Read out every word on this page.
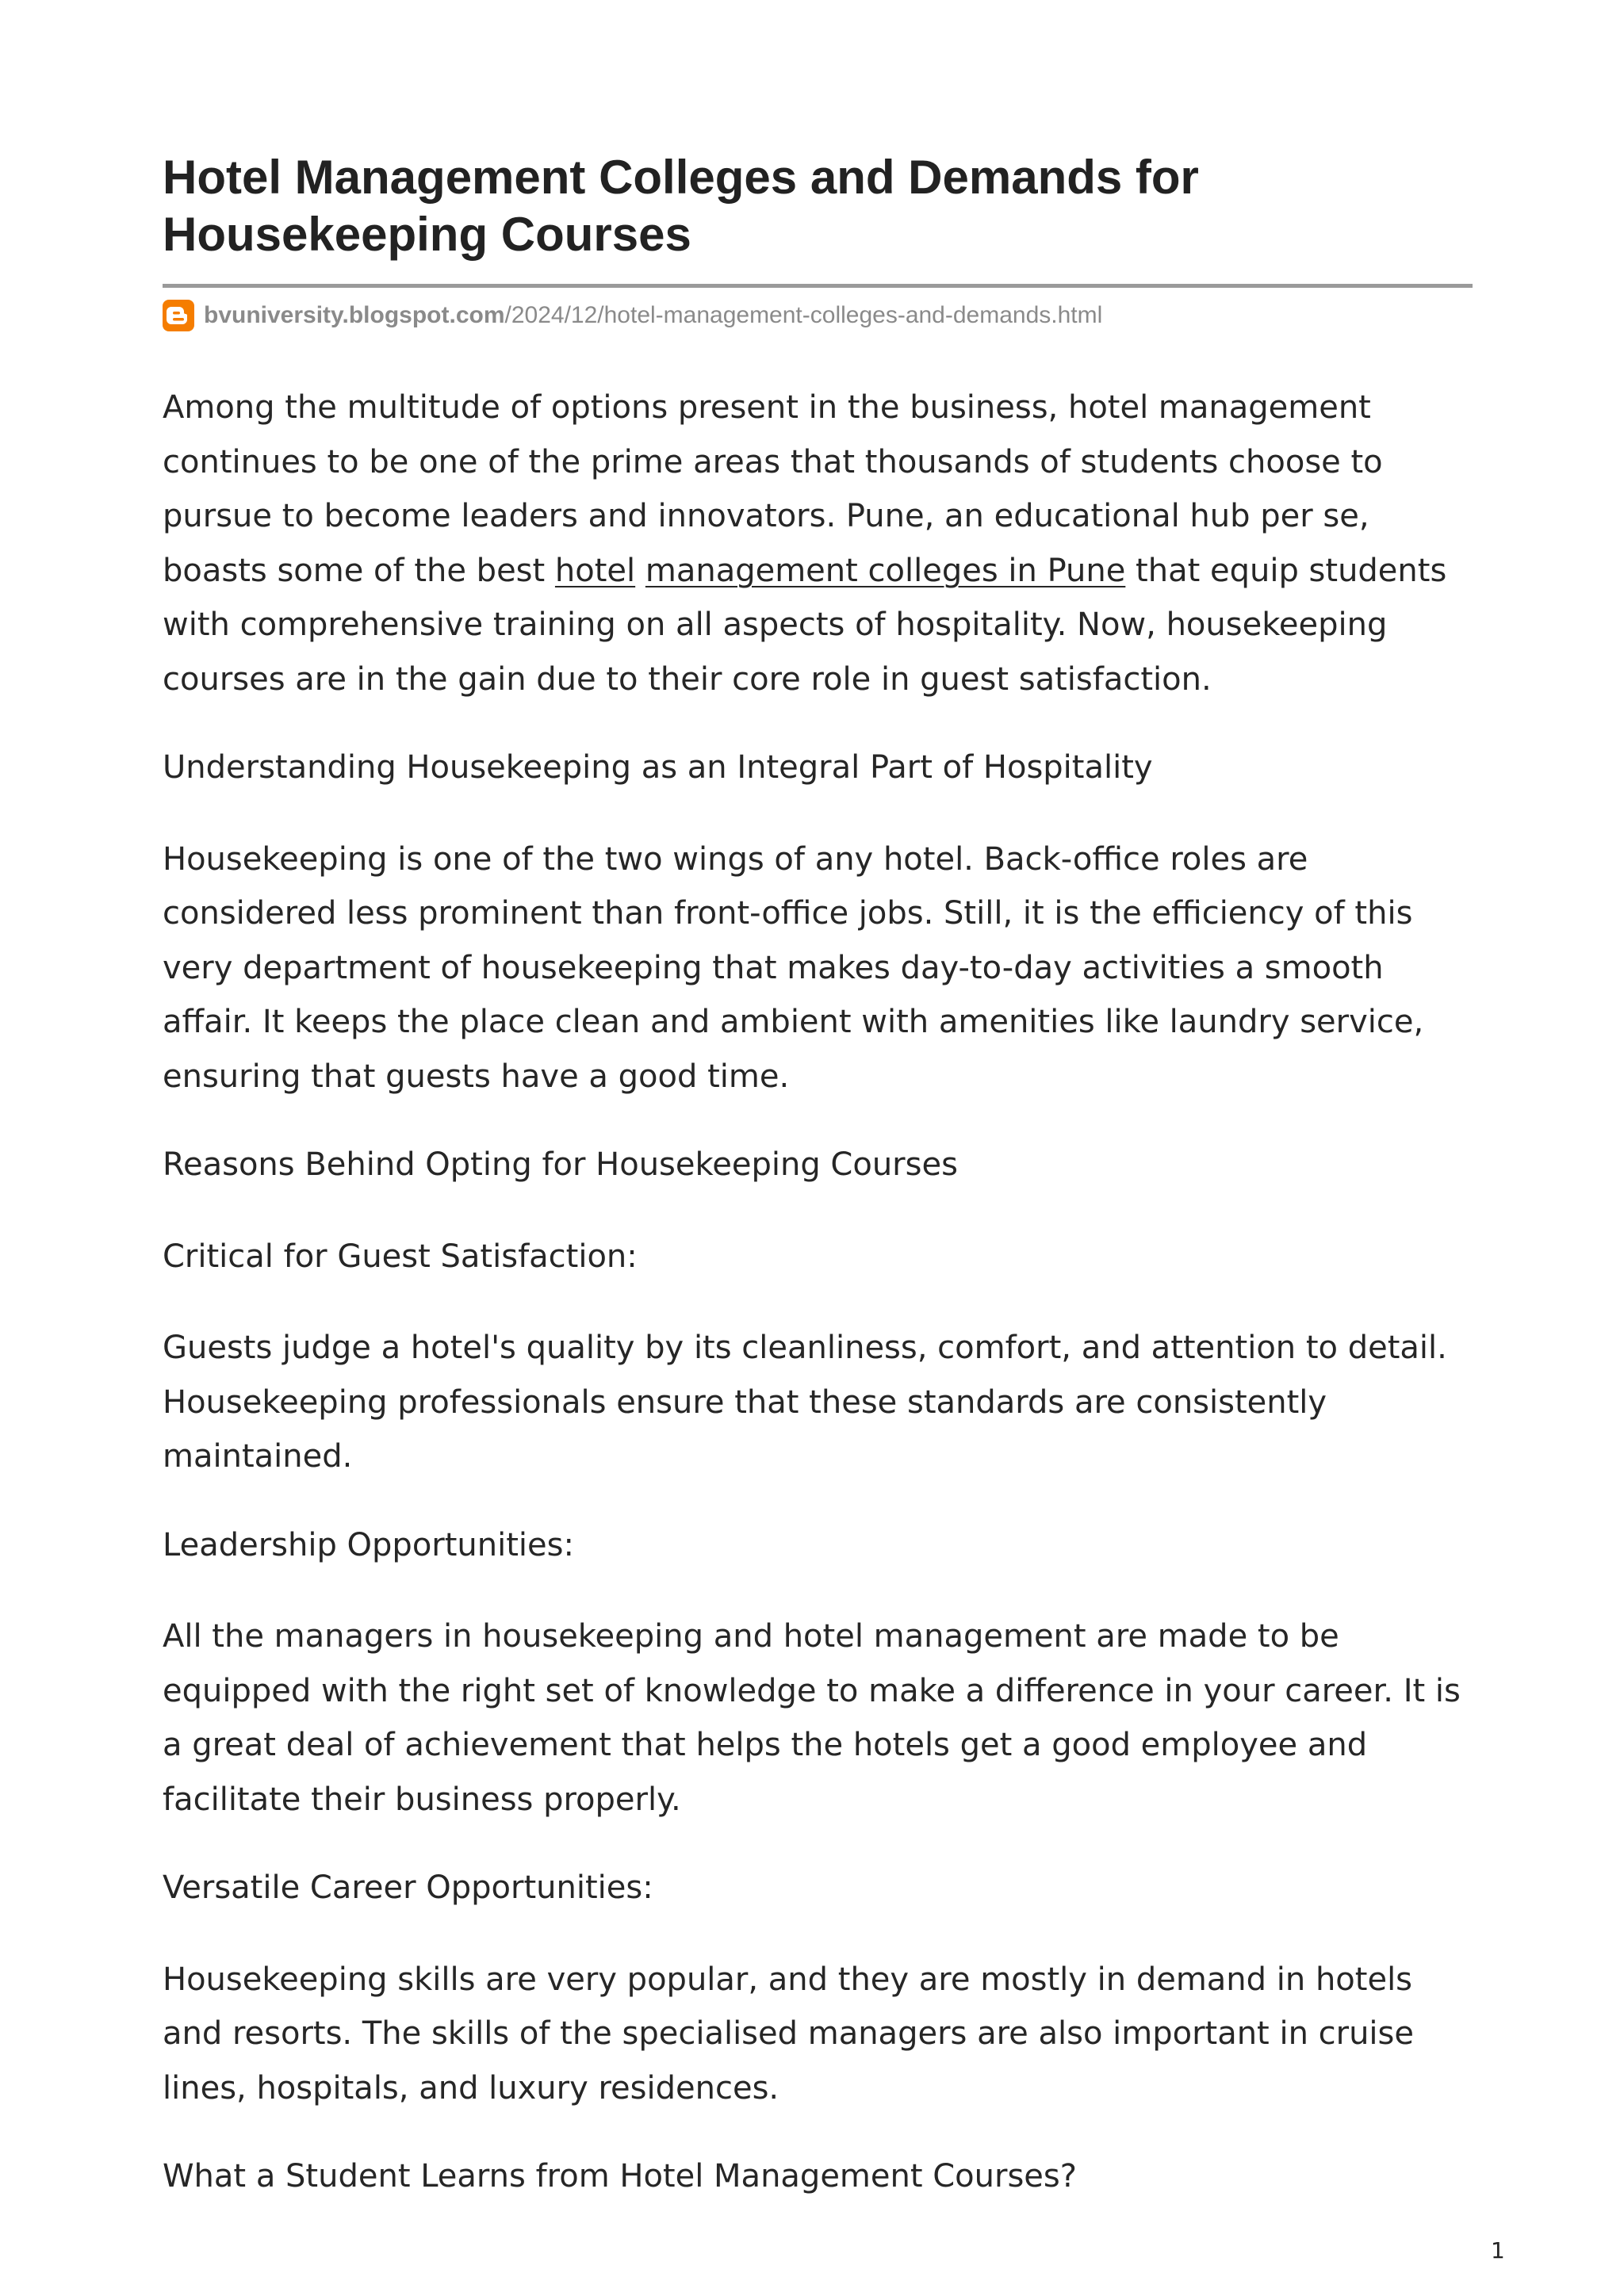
Hotel Management Colleges and Demands for Housekeeping Courses
bvuniversity.blogspot.com/2024/12/hotel-management-colleges-and-demands.html

Among the multitude of options present in the business, hotel management continues to be one of the prime areas that thousands of students choose to pursue to become leaders and innovators. Pune, an educational hub per se, boasts some of the best hotel management colleges in Pune that equip students with comprehensive training on all aspects of hospitality. Now, housekeeping courses are in the gain due to their core role in guest satisfaction.

Understanding Housekeeping as an Integral Part of Hospitality

Housekeeping is one of the two wings of any hotel. Back-office roles are considered less prominent than front-office jobs. Still, it is the efficiency of this very department of housekeeping that makes day-to-day activities a smooth affair. It keeps the place clean and ambient with amenities like laundry service, ensuring that guests have a good time.

Reasons Behind Opting for Housekeeping Courses

Critical for Guest Satisfaction:

Guests judge a hotel's quality by its cleanliness, comfort, and attention to detail. Housekeeping professionals ensure that these standards are consistently maintained.

Leadership Opportunities:

All the managers in housekeeping and hotel management are made to be equipped with the right set of knowledge to make a difference in your career. It is a great deal of achievement that helps the hotels get a good employee and facilitate their business properly.

Versatile Career Opportunities:

Housekeeping skills are very popular, and they are mostly in demand in hotels and resorts. The skills of the specialised managers are also important in cruise lines, hospitals, and luxury residences.

What a Student Learns from Hotel Management Courses?

1
